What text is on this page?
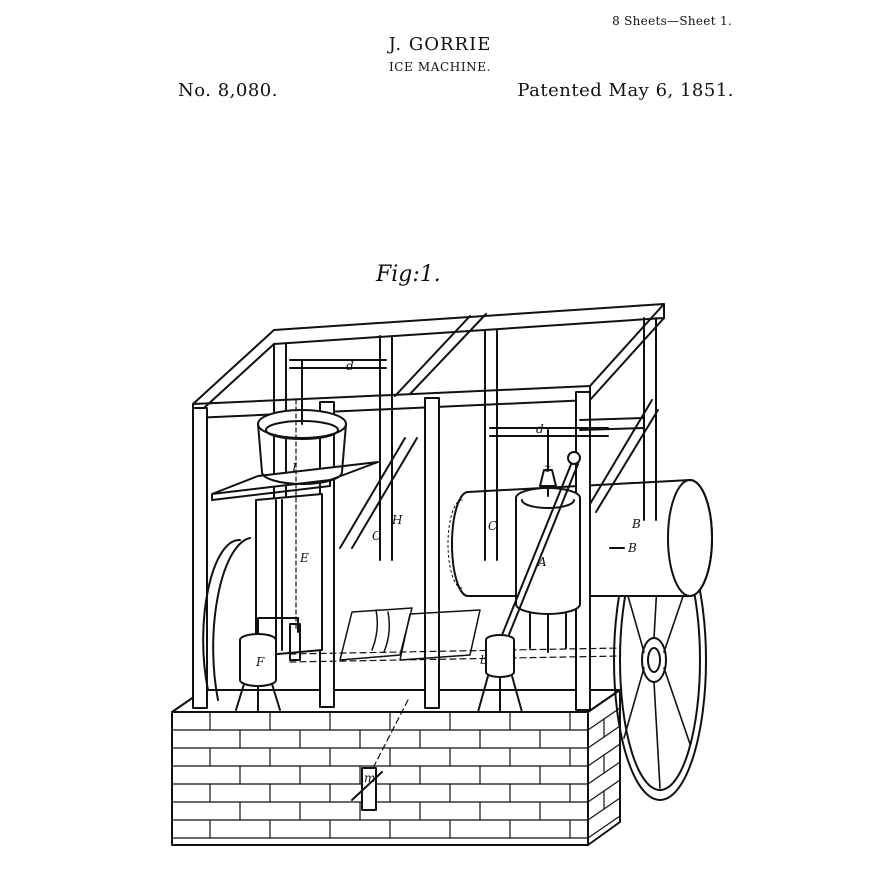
8 Sheets—Sheet 1.
J. GORRIE
ICE MACHINE.
No. 8,080.	Patented May 6, 1851.
Fig:1.
d
I
E
H
C
F
d
z
B
A
C
B
b
m
